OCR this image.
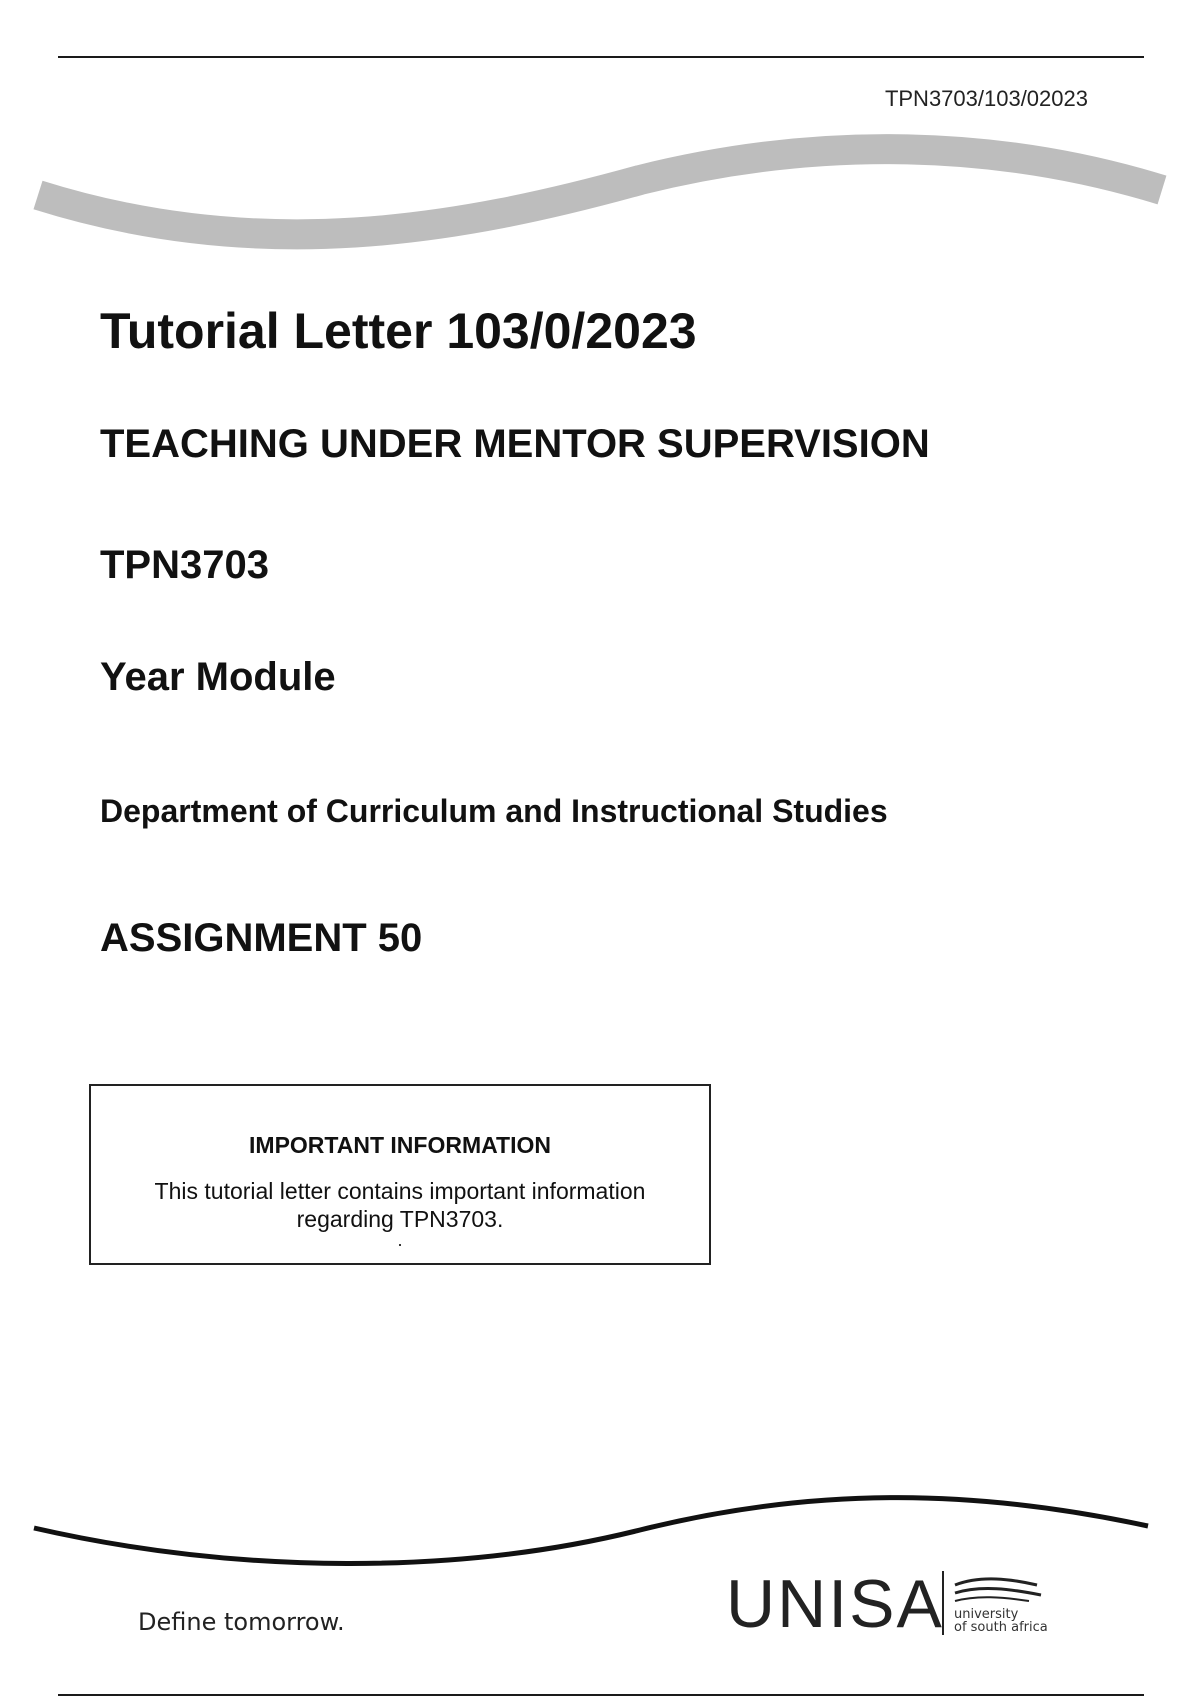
TPN3703/103/02023
Tutorial Letter 103/0/2023
TEACHING UNDER MENTOR SUPERVISION
TPN3703
Year Module
Department of Curriculum and Instructional Studies
ASSIGNMENT 50
IMPORTANT INFORMATION
This tutorial letter contains important information regarding TPN3703.
.
Define tomorrow.	UNISA university
of south africa
